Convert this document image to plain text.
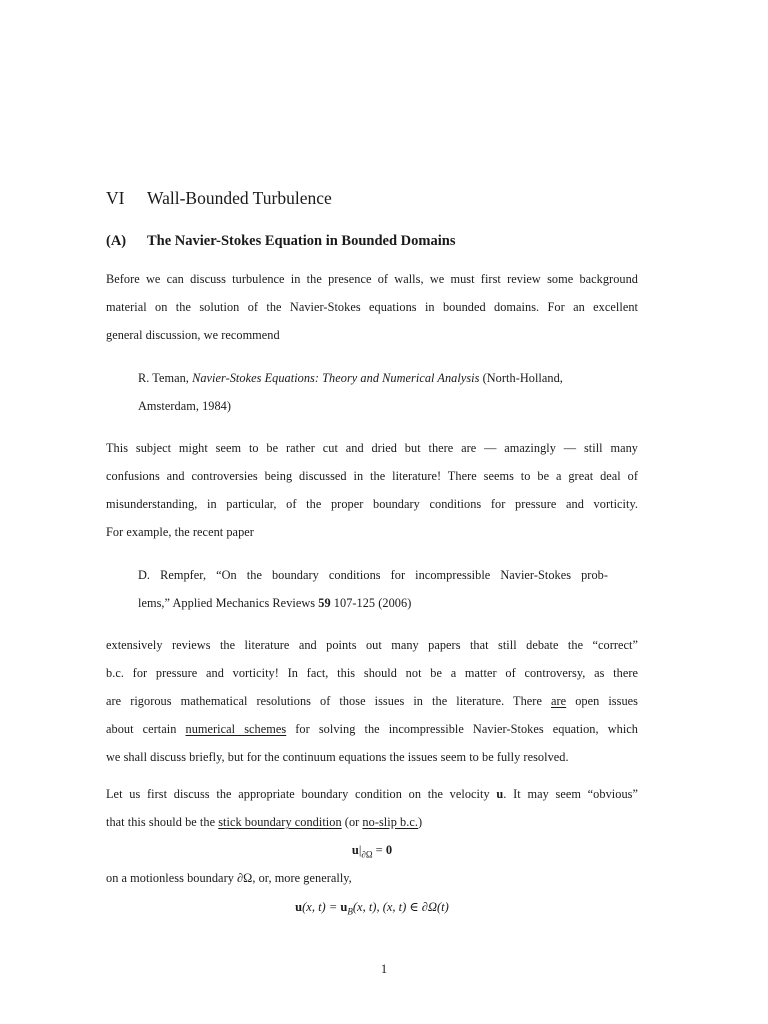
VI Wall-Bounded Turbulence
(A) The Navier-Stokes Equation in Bounded Domains
Before we can discuss turbulence in the presence of walls, we must first review some background
material on the solution of the Navier-Stokes equations in bounded domains. For an excellent
general discussion, we recommend
R. Teman, Navier-Stokes Equations: Theory and Numerical Analysis (North-Holland,
Amsterdam, 1984)
This subject might seem to be rather cut and dried but there are — amazingly — still many
confusions and controversies being discussed in the literature! There seems to be a great deal of
misunderstanding, in particular, of the proper boundary conditions for pressure and vorticity.
For example, the recent paper
D. Rempfer, “On the boundary conditions for incompressible Navier-Stokes prob-
lems,” Applied Mechanics Reviews 59 107-125 (2006)
extensively reviews the literature and points out many papers that still debate the “correct”
b.c. for pressure and vorticity! In fact, this should not be a matter of controversy, as there
are rigorous mathematical resolutions of those issues in the literature. There are open issues
about certain numerical schemes for solving the incompressible Navier-Stokes equation, which
we shall discuss briefly, but for the continuum equations the issues seem to be fully resolved.
Let us first discuss the appropriate boundary condition on the velocity u. It may seem “obvious”
that this should be the stick boundary condition (or no-slip b.c.)
$u|_{\partial\Omega} = 0$
on a motionless boundary ∂Ω, or, more generally,
u(x, $t) = u_B(x$, t), (x, t) ∈ ∂Ω(t)
1
